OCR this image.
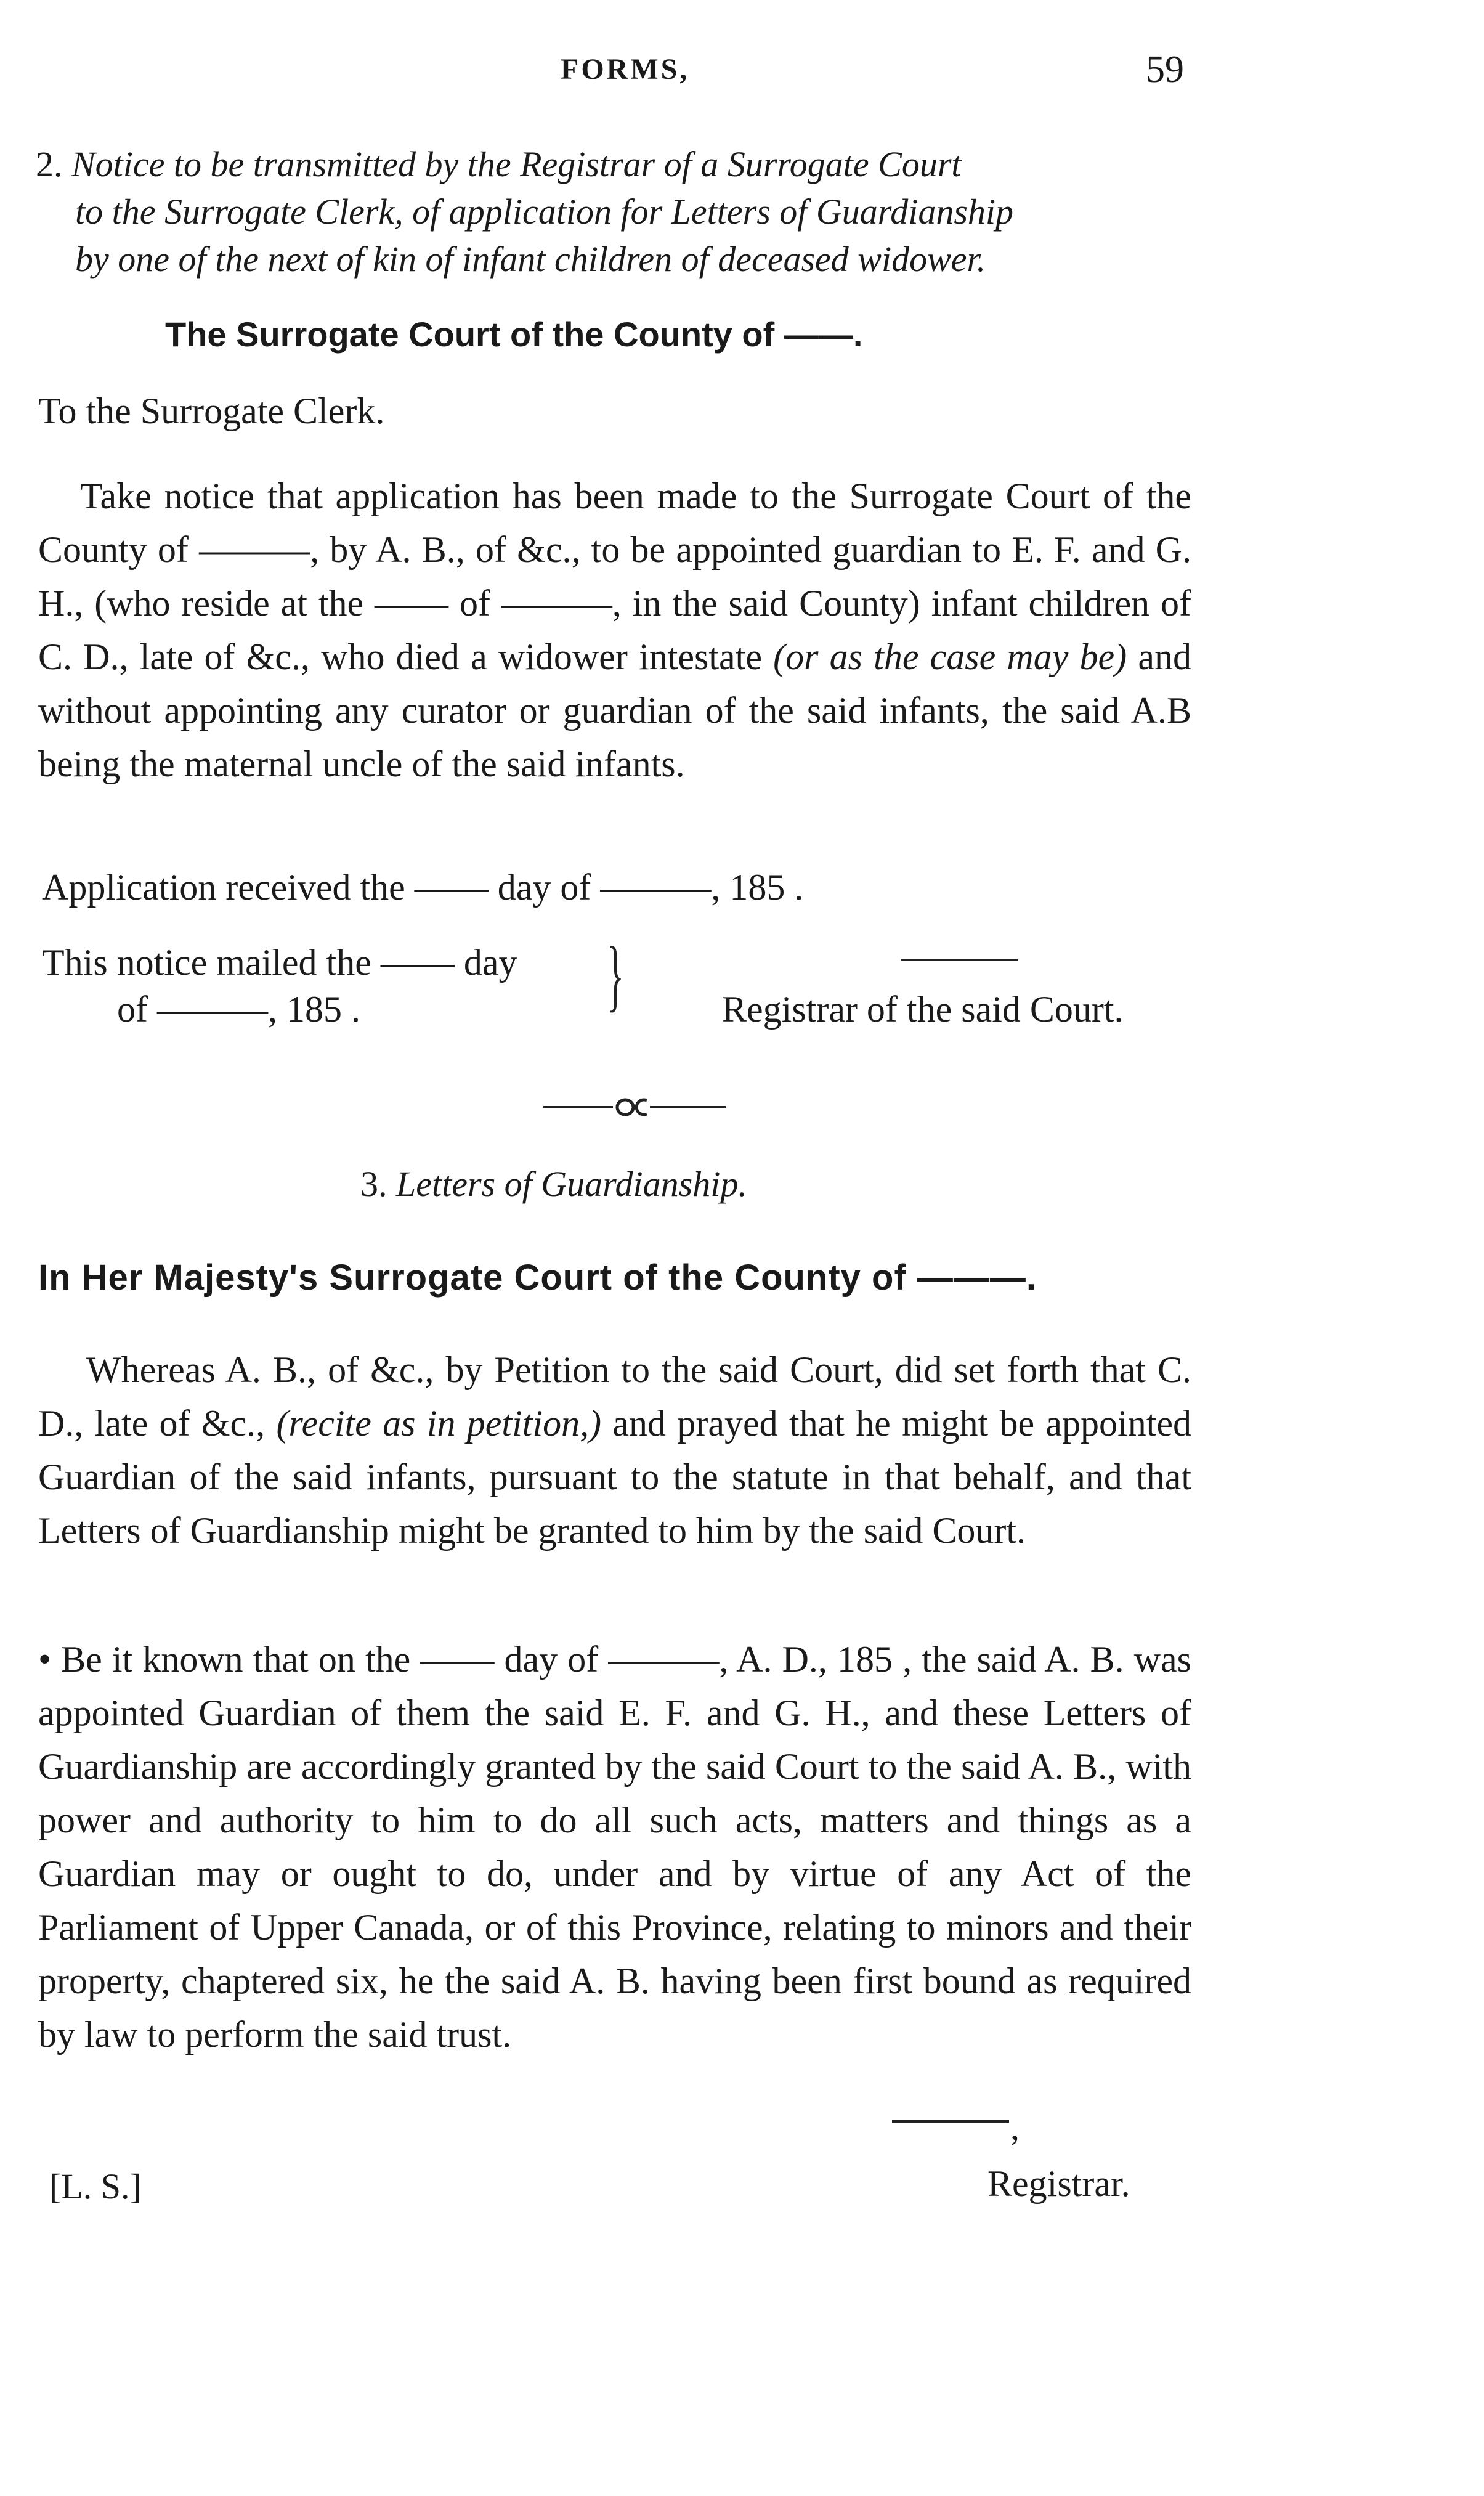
FORMS,	59
2. Notice to be transmitted by the Registrar of a Surrogate Court
to the Surrogate Clerk, of application for Letters of Guardianship
by one of the next of kin of infant children of deceased widower.
The Surrogate Court of the County of ——.
To the Surrogate Clerk.
Take notice that application has been made to the Surrogate Court of the County of ———, by A. B., of &c., to be appointed guardian to E. F. and G. H., (who reside at the —— of ———, in the said County) infant children of C. D., late of &c., who died a widower intestate (or as the case may be) and without appointing any curator or guardian of the said infants, the said A.B being the maternal uncle of the said infants.
Application received the —— day of ———, 185 .
This notice mailed the —— day
of ———, 185 .	}	Registrar of the said Court.
3. Letters of Guardianship.
In Her Majesty's Surrogate Court of the County of ———.
Whereas A. B., of &c., by Petition to the said Court, did set forth that C. D., late of &c., (recite as in petition,) and prayed that he might be appointed Guardian of the said infants, pursuant to the statute in that behalf, and that Letters of Guardianship might be granted to him by the said Court.
• Be it known that on the —— day of ———, A. D., 185 , the said A. B. was appointed Guardian of them the said E. F. and G. H., and these Letters of Guardianship are accordingly granted by the said Court to the said A. B., with power and authority to him to do all such acts, matters and things as a Guardian may or ought to do, under and by virtue of any Act of the Parliament of Upper Canada, or of this Province, relating to minors and their property, chaptered six, he the said A. B. having been first bound as required by law to perform the said trust.
,
[L. S.]	Registrar.
